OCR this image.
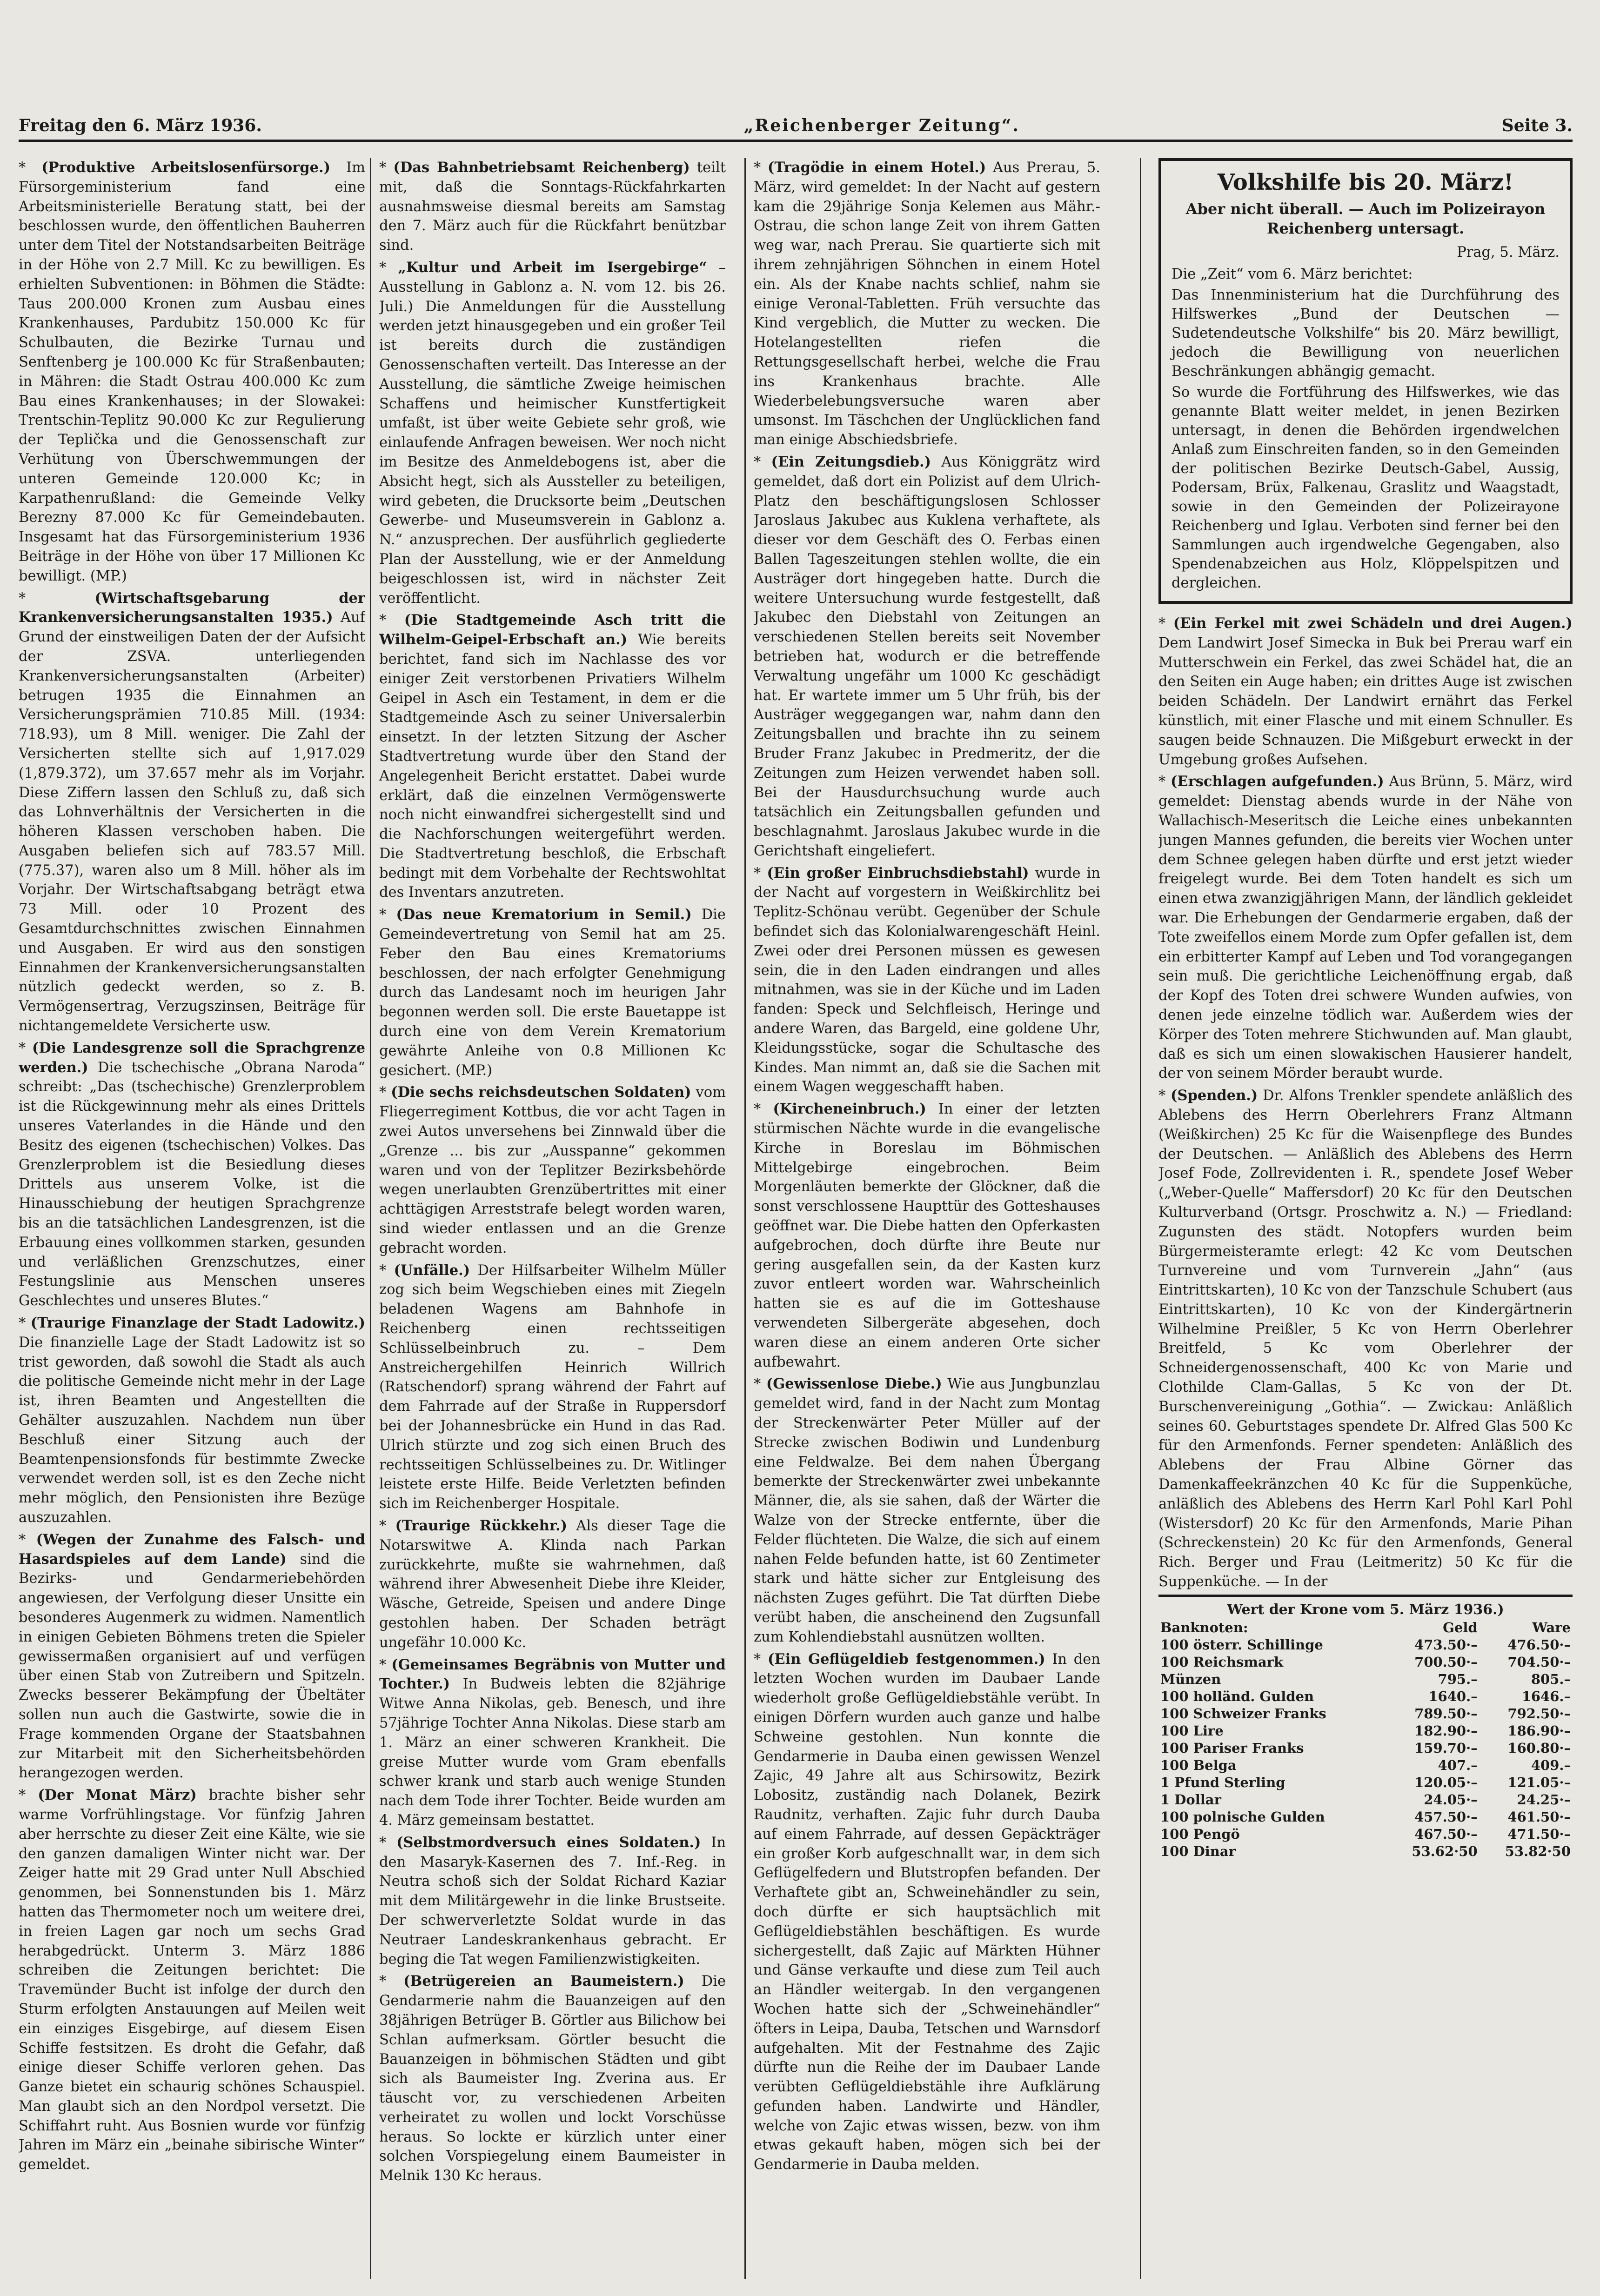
Freitag den 6. März 1936.	„Reichenberger Zeitung“.	Seite 3.

* (Produktive Arbeitslosenfürsorge.) Im Fürsorgeministerium fand eine Arbeitsministerielle Beratung statt, bei der beschlossen wurde, den öffentlichen Bauherren unter dem Titel der Notstandsarbeiten Beiträge in der Höhe von 2.7 Mill. Kc zu bewilligen. Es erhielten Subventionen: in Böhmen die Städte: Taus 200.000 Kronen zum Ausbau eines Krankenhauses, Pardubitz 150.000 Kc für Schulbauten, die Bezirke Turnau und Senftenberg je 100.000 Kc für Straßenbauten; in Mähren: die Stadt Ostrau 400.000 Kc zum Bau eines Krankenhauses; in der Slowakei: Trentschin-Teplitz 90.000 Kc zur Regulierung der Teplička und die Genossenschaft zur Verhütung von Überschwemmungen der unteren Gemeinde 120.000 Kc; in Karpathenrußland: die Gemeinde Velky Berezny 87.000 Kc für Gemeindebauten. Insgesamt hat das Fürsorgeministerium 1936 Beiträge in der Höhe von über 17 Millionen Kc bewilligt. (MP.)

* (Wirtschaftsgebarung der Krankenversicherungsanstalten 1935.) Auf Grund der einstweiligen Daten der der Aufsicht der ZSVA. unterliegenden Krankenversicherungsanstalten (Arbeiter) betrugen 1935 die Einnahmen an Versicherungsprämien 710.85 Mill. (1934: 718.93), um 8 Mill. weniger. Die Zahl der Versicherten stellte sich auf 1,917.029 (1,879.372), um 37.657 mehr als im Vorjahr. Diese Ziffern lassen den Schluß zu, daß sich das Lohnverhältnis der Versicherten in die höheren Klassen verschoben haben. Die Ausgaben beliefen sich auf 783.57 Mill. (775.37), waren also um 8 Mill. höher als im Vorjahr. Der Wirtschaftsabgang beträgt etwa 73 Mill. oder 10 Prozent des Gesamtdurchschnittes zwischen Einnahmen und Ausgaben. Er wird aus den sonstigen Einnahmen der Krankenversicherungsanstalten nützlich gedeckt werden, so z. B. Vermögensertrag, Verzugszinsen, Beiträge für nichtangemeldete Versicherte usw.

* (Die Landesgrenze soll die Sprachgrenze werden.) Die tschechische „Obrana Naroda“ schreibt: „Das (tschechische) Grenzlerproblem ist die Rückgewinnung mehr als eines Drittels unseres Vaterlandes in die Hände und den Besitz des eigenen (tschechischen) Volkes. Das Grenzlerproblem ist die Besiedlung dieses Drittels aus unserem Volke, ist die Hinausschiebung der heutigen Sprachgrenze bis an die tatsächlichen Landesgrenzen, ist die Erbauung eines vollkommen starken, gesunden und verläßlichen Grenzschutzes, einer Festungslinie aus Menschen unseres Geschlechtes und unseres Blutes.“

* (Traurige Finanzlage der Stadt Ladowitz.) Die finanzielle Lage der Stadt Ladowitz ist so trist geworden, daß sowohl die Stadt als auch die politische Gemeinde nicht mehr in der Lage ist, ihren Beamten und Angestellten die Gehälter auszuzahlen. Nachdem nun über Beschluß einer Sitzung auch der Beamtenpensionsfonds für bestimmte Zwecke verwendet werden soll, ist es den Zeche nicht mehr möglich, den Pensionisten ihre Bezüge auszuzahlen.

* (Wegen der Zunahme des Falsch- und Hasardspieles auf dem Lande) sind die Bezirks- und Gendarmeriebehörden angewiesen, der Verfolgung dieser Unsitte ein besonderes Augenmerk zu widmen. Namentlich in einigen Gebieten Böhmens treten die Spieler gewissermaßen organisiert auf und verfügen über einen Stab von Zutreibern und Spitzeln. Zwecks besserer Bekämpfung der Übeltäter sollen nun auch die Gastwirte, sowie die in Frage kommenden Organe der Staatsbahnen zur Mitarbeit mit den Sicherheitsbehörden herangezogen werden.

* (Der Monat März) brachte bisher sehr warme Vorfrühlingstage. Vor fünfzig Jahren aber herrschte zu dieser Zeit eine Kälte, wie sie den ganzen damaligen Winter nicht war. Der Zeiger hatte mit 29 Grad unter Null Abschied genommen, bei Sonnenstunden bis 1. März hatten das Thermometer noch um weitere drei, in freien Lagen gar noch um sechs Grad herabgedrückt. Unterm 3. März 1886 schreiben die Zeitungen berichtet: Die Travemünder Bucht ist infolge der durch den Sturm erfolgten Anstauungen auf Meilen weit ein einziges Eisgebirge, auf diesem Eisen Schiffe festsitzen. Es droht die Gefahr, daß einige dieser Schiffe verloren gehen. Das Ganze bietet ein schaurig schönes Schauspiel. Man glaubt sich an den Nordpol versetzt. Die Schiffahrt ruht. Aus Bosnien wurde vor fünfzig Jahren im März ein „beinahe sibirische Winter“ gemeldet.

* (Das Bahnbetriebsamt Reichenberg) teilt mit, daß die Sonntags-Rückfahrkarten ausnahmsweise diesmal bereits am Samstag den 7. März auch für die Rückfahrt benützbar sind.

* „Kultur und Arbeit im Isergebirge“ – Ausstellung in Gablonz a. N. vom 12. bis 26. Juli.) Die Anmeldungen für die Ausstellung werden jetzt hinausgegeben und ein großer Teil ist bereits durch die zuständigen Genossenschaften verteilt. Das Interesse an der Ausstellung, die sämtliche Zweige heimischen Schaffens und heimischer Kunstfertigkeit umfaßt, ist über weite Gebiete sehr groß, wie einlaufende Anfragen beweisen. Wer noch nicht im Besitze des Anmeldebogens ist, aber die Absicht hegt, sich als Aussteller zu beteiligen, wird gebeten, die Drucksorte beim „Deutschen Gewerbe- und Museumsverein in Gablonz a. N.“ anzusprechen. Der ausführlich gegliederte Plan der Ausstellung, wie er der Anmeldung beigeschlossen ist, wird in nächster Zeit veröffentlicht.

* (Die Stadtgemeinde Asch tritt die Wilhelm-Geipel-Erbschaft an.) Wie bereits berichtet, fand sich im Nachlasse des vor einiger Zeit verstorbenen Privatiers Wilhelm Geipel in Asch ein Testament, in dem er die Stadtgemeinde Asch zu seiner Universalerbin einsetzt. In der letzten Sitzung der Ascher Stadtvertretung wurde über den Stand der Angelegenheit Bericht erstattet. Dabei wurde erklärt, daß die einzelnen Vermögenswerte noch nicht einwandfrei sichergestellt sind und die Nachforschungen weitergeführt werden. Die Stadtvertretung beschloß, die Erbschaft bedingt mit dem Vorbehalte der Rechtswohltat des Inventars anzutreten.

* (Das neue Krematorium in Semil.) Die Gemeindevertretung von Semil hat am 25. Feber den Bau eines Krematoriums beschlossen, der nach erfolgter Genehmigung durch das Landesamt noch im heurigen Jahr begonnen werden soll. Die erste Bauetappe ist durch eine von dem Verein Krematorium gewährte Anleihe von 0.8 Millionen Kc gesichert. (MP.)

* (Die sechs reichsdeutschen Soldaten) vom Fliegerregiment Kottbus, die vor acht Tagen in zwei Autos unversehens bei Zinnwald über die „Grenze ... bis zur „Ausspanne“ gekommen waren und von der Teplitzer Bezirksbehörde wegen unerlaubten Grenzübertrittes mit einer achttägigen Arreststrafe belegt worden waren, sind wieder entlassen und an die Grenze gebracht worden.

* (Unfälle.) Der Hilfsarbeiter Wilhelm Müller zog sich beim Wegschieben eines mit Ziegeln beladenen Wagens am Bahnhofe in Reichenberg einen rechtsseitigen Schlüsselbeinbruch zu. – Dem Anstreichergehilfen Heinrich Willrich (Ratschendorf) sprang während der Fahrt auf dem Fahrrade auf der Straße in Ruppersdorf bei der Johannesbrücke ein Hund in das Rad. Ulrich stürzte und zog sich einen Bruch des rechtsseitigen Schlüsselbeines zu. Dr. Witlinger leistete erste Hilfe. Beide Verletzten befinden sich im Reichenberger Hospitale.

* (Traurige Rückkehr.) Als dieser Tage die Notarswitwe A. Klinda nach Parkan zurückkehrte, mußte sie wahrnehmen, daß während ihrer Abwesenheit Diebe ihre Kleider, Wäsche, Getreide, Speisen und andere Dinge gestohlen haben. Der Schaden beträgt ungefähr 10.000 Kc.

* (Gemeinsames Begräbnis von Mutter und Tochter.) In Budweis lebten die 82jährige Witwe Anna Nikolas, geb. Benesch, und ihre 57jährige Tochter Anna Nikolas. Diese starb am 1. März an einer schweren Krankheit. Die greise Mutter wurde vom Gram ebenfalls schwer krank und starb auch wenige Stunden nach dem Tode ihrer Tochter. Beide wurden am 4. März gemeinsam bestattet.

* (Selbstmordversuch eines Soldaten.) In den Masaryk-Kasernen des 7. Inf.-Reg. in Neutra schoß sich der Soldat Richard Kaziar mit dem Militärgewehr in die linke Brustseite. Der schwerverletzte Soldat wurde in das Neutraer Landeskrankenhaus gebracht. Er beging die Tat wegen Familienzwistigkeiten.

* (Betrügereien an Baumeistern.) Die Gendarmerie nahm die Bauanzeigen auf den 38jährigen Betrüger B. Görtler aus Bilichow bei Schlan aufmerksam. Görtler besucht die Bauanzeigen in böhmischen Städten und gibt sich als Baumeister Ing. Zverina aus. Er täuscht vor, zu verschiedenen Arbeiten verheiratet zu wollen und lockt Vorschüsse heraus. So lockte er kürzlich unter einer solchen Vorspiegelung einem Baumeister in Melnik 130 Kc heraus.

* (Tragödie in einem Hotel.) Aus Prerau, 5. März, wird gemeldet: In der Nacht auf gestern kam die 29jährige Sonja Kelemen aus Mähr.-Ostrau, die schon lange Zeit von ihrem Gatten weg war, nach Prerau. Sie quartierte sich mit ihrem zehnjährigen Söhnchen in einem Hotel ein. Als der Knabe nachts schlief, nahm sie einige Veronal-Tabletten. Früh versuchte das Kind vergeblich, die Mutter zu wecken. Die Hotelangestellten riefen die Rettungsgesellschaft herbei, welche die Frau ins Krankenhaus brachte. Alle Wiederbelebungsversuche waren aber umsonst. Im Täschchen der Unglücklichen fand man einige Abschiedsbriefe.

* (Ein Zeitungsdieb.) Aus Königgrätz wird gemeldet, daß dort ein Polizist auf dem Ulrich-Platz den beschäftigungslosen Schlosser Jaroslaus Jakubec aus Kuklena verhaftete, als dieser vor dem Geschäft des O. Ferbas einen Ballen Tageszeitungen stehlen wollte, die ein Austräger dort hingegeben hatte. Durch die weitere Untersuchung wurde festgestellt, daß Jakubec den Diebstahl von Zeitungen an verschiedenen Stellen bereits seit November betrieben hat, wodurch er die betreffende Verwaltung ungefähr um 1000 Kc geschädigt hat. Er wartete immer um 5 Uhr früh, bis der Austräger weggegangen war, nahm dann den Zeitungsballen und brachte ihn zu seinem Bruder Franz Jakubec in Predmeritz, der die Zeitungen zum Heizen verwendet haben soll. Bei der Hausdurchsuchung wurde auch tatsächlich ein Zeitungsballen gefunden und beschlagnahmt. Jaroslaus Jakubec wurde in die Gerichtshaft eingeliefert.

* (Ein großer Einbruchsdiebstahl) wurde in der Nacht auf vorgestern in Weißkirchlitz bei Teplitz-Schönau verübt. Gegenüber der Schule befindet sich das Kolonialwarengeschäft Heinl. Zwei oder drei Personen müssen es gewesen sein, die in den Laden eindrangen und alles mitnahmen, was sie in der Küche und im Laden fanden: Speck und Selchfleisch, Heringe und andere Waren, das Bargeld, eine goldene Uhr, Kleidungsstücke, sogar die Schultasche des Kindes. Man nimmt an, daß sie die Sachen mit einem Wagen weggeschafft haben.

* (Kircheneinbruch.) In einer der letzten stürmischen Nächte wurde in die evangelische Kirche in Boreslau im Böhmischen Mittelgebirge eingebrochen. Beim Morgenläuten bemerkte der Glöckner, daß die sonst verschlossene Haupttür des Gotteshauses geöffnet war. Die Diebe hatten den Opferkasten aufgebrochen, doch dürfte ihre Beute nur gering ausgefallen sein, da der Kasten kurz zuvor entleert worden war. Wahrscheinlich hatten sie es auf die im Gotteshause verwendeten Silbergeräte abgesehen, doch waren diese an einem anderen Orte sicher aufbewahrt.

* (Gewissenlose Diebe.) Wie aus Jungbunzlau gemeldet wird, fand in der Nacht zum Montag der Streckenwärter Peter Müller auf der Strecke zwischen Bodiwin und Lundenburg eine Feldwalze. Bei dem nahen Übergang bemerkte der Streckenwärter zwei unbekannte Männer, die, als sie sahen, daß der Wärter die Walze von der Strecke entfernte, über die Felder flüchteten. Die Walze, die sich auf einem nahen Felde befunden hatte, ist 60 Zentimeter stark und hätte sicher zur Entgleisung des nächsten Zuges geführt. Die Tat dürften Diebe verübt haben, die anscheinend den Zugsunfall zum Kohlendiebstahl ausnützen wollten.

* (Ein Geflügeldieb festgenommen.) In den letzten Wochen wurden im Daubaer Lande wiederholt große Geflügeldiebstähle verübt. In einigen Dörfern wurden auch ganze und halbe Schweine gestohlen. Nun konnte die Gendarmerie in Dauba einen gewissen Wenzel Zajic, 49 Jahre alt aus Schirsowitz, Bezirk Lobositz, zuständig nach Dolanek, Bezirk Raudnitz, verhaften. Zajic fuhr durch Dauba auf einem Fahrrade, auf dessen Gepäckträger ein großer Korb aufgeschnallt war, in dem sich Geflügelfedern und Blutstropfen befanden. Der Verhaftete gibt an, Schweinehändler zu sein, doch dürfte er sich hauptsächlich mit Geflügeldiebstählen beschäftigen. Es wurde sichergestellt, daß Zajic auf Märkten Hühner und Gänse verkaufte und diese zum Teil auch an Händler weitergab. In den vergangenen Wochen hatte sich der „Schweinehändler“ öfters in Leipa, Dauba, Tetschen und Warnsdorf aufgehalten. Mit der Festnahme des Zajic dürfte nun die Reihe der im Daubaer Lande verübten Geflügeldiebstähle ihre Aufklärung gefunden haben. Landwirte und Händler, welche von Zajic etwas wissen, bezw. von ihm etwas gekauft haben, mögen sich bei der Gendarmerie in Dauba melden.

Volkshilfe bis 20. März!
Aber nicht überall. — Auch im Polizeirayon Reichenberg untersagt.
Prag, 5. März.

Die „Zeit“ vom 6. März berichtet:

Das Innenministerium hat die Durchführung des Hilfswerkes „Bund der Deutschen — Sudetendeutsche Volkshilfe“ bis 20. März bewilligt, jedoch die Bewilligung von neuerlichen Beschränkungen abhängig gemacht.

So wurde die Fortführung des Hilfswerkes, wie das genannte Blatt weiter meldet, in jenen Bezirken untersagt, in denen die Behörden irgendwelchen Anlaß zum Einschreiten fanden, so in den Gemeinden der politischen Bezirke Deutsch-Gabel, Aussig, Podersam, Brüx, Falkenau, Graslitz und Waagstadt, sowie in den Gemeinden der Polizeirayone Reichenberg und Iglau. Verboten sind ferner bei den Sammlungen auch irgendwelche Gegengaben, also Spendenabzeichen aus Holz, Klöppelspitzen und dergleichen.

* (Ein Ferkel mit zwei Schädeln und drei Augen.) Dem Landwirt Josef Simecka in Buk bei Prerau warf ein Mutterschwein ein Ferkel, das zwei Schädel hat, die an den Seiten ein Auge haben; ein drittes Auge ist zwischen beiden Schädeln. Der Landwirt ernährt das Ferkel künstlich, mit einer Flasche und mit einem Schnuller. Es saugen beide Schnauzen. Die Mißgeburt erweckt in der Umgebung großes Aufsehen.

* (Erschlagen aufgefunden.) Aus Brünn, 5. März, wird gemeldet: Dienstag abends wurde in der Nähe von Wallachisch-Meseritsch die Leiche eines unbekannten jungen Mannes gefunden, die bereits vier Wochen unter dem Schnee gelegen haben dürfte und erst jetzt wieder freigelegt wurde. Bei dem Toten handelt es sich um einen etwa zwanzigjährigen Mann, der ländlich gekleidet war. Die Erhebungen der Gendarmerie ergaben, daß der Tote zweifellos einem Morde zum Opfer gefallen ist, dem ein erbitterter Kampf auf Leben und Tod vorangegangen sein muß. Die gerichtliche Leichenöffnung ergab, daß der Kopf des Toten drei schwere Wunden aufwies, von denen jede einzelne tödlich war. Außerdem wies der Körper des Toten mehrere Stichwunden auf. Man glaubt, daß es sich um einen slowakischen Hausierer handelt, der von seinem Mörder beraubt wurde.

* (Spenden.) Dr. Alfons Trenkler spendete anläßlich des Ablebens des Herrn Oberlehrers Franz Altmann (Weißkirchen) 25 Kc für die Waisenpflege des Bundes der Deutschen. — Anläßlich des Ablebens des Herrn Josef Fode, Zollrevidenten i. R., spendete Josef Weber („Weber-Quelle“ Maffersdorf) 20 Kc für den Deutschen Kulturverband (Ortsgr. Proschwitz a. N.) — Friedland: Zugunsten des städt. Notopfers wurden beim Bürgermeisteramte erlegt: 42 Kc vom Deutschen Turnvereine und vom Turnverein „Jahn“ (aus Eintrittskarten), 10 Kc von der Tanzschule Schubert (aus Eintrittskarten), 10 Kc von der Kindergärtnerin Wilhelmine Preißler, 5 Kc von Herrn Oberlehrer Breitfeld, 5 Kc vom Oberlehrer der Schneidergenossenschaft, 400 Kc von Marie und Clothilde Clam-Gallas, 5 Kc von der Dt. Burschenvereinigung „Gothia“. — Zwickau: Anläßlich seines 60. Geburtstages spendete Dr. Alfred Glas 500 Kc für den Armenfonds. Ferner spendeten: Anläßlich des Ablebens der Frau Albine Görner das Damenkaffeekränzchen 40 Kc für die Suppenküche, anläßlich des Ablebens des Herrn Karl Pohl Karl Pohl (Wistersdorf) 20 Kc für den Armenfonds, Marie Pihan (Schreckenstein) 20 Kc für den Armenfonds, General Rich. Berger und Frau (Leitmeritz) 50 Kc für die Suppenküche. — In der

Wert der Krone vom 5. März 1936.)
Banknoten:	Geld	Ware
100 österr. Schillinge	473.50·–	476.50·–
100 Reichsmark	700.50·–	704.50·–
Münzen	795.–	805.–
100 holländ. Gulden	1640.–	1646.–
100 Schweizer Franks	789.50·–	792.50·–
100 Lire	182.90·–	186.90·–
100 Pariser Franks	159.70·–	160.80·–
100 Belga	407.–	409.–
1 Pfund Sterling	120.05·–	121.05·–
1 Dollar	24.05·–	24.25·–
100 polnische Gulden	457.50·–	461.50·–
100 Pengö	467.50·–	471.50·–
100 Dinar	53.62·50	53.82·50
